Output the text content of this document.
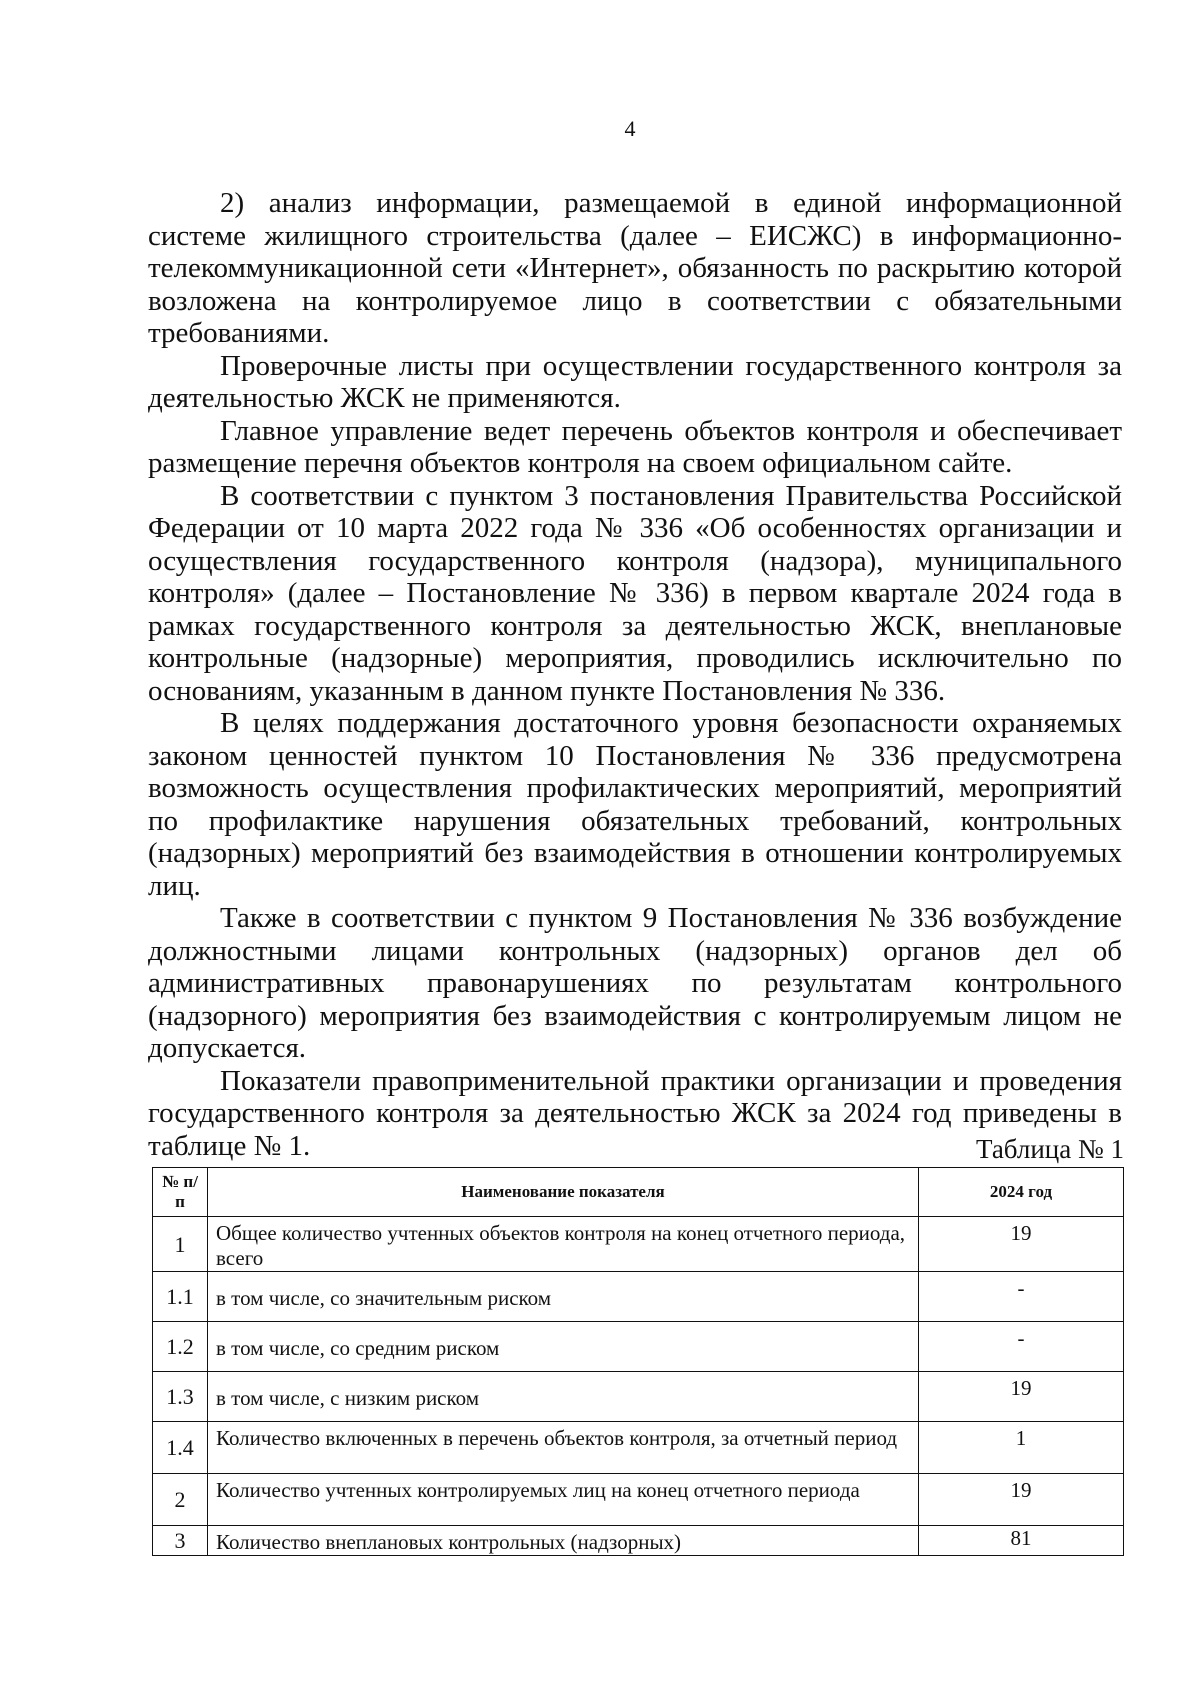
4

2) анализ информации, размещаемой в единой информационной системе жилищного строительства (далее – ЕИСЖС) в информационно-телекоммуникационной сети «Интернет», обязанность по раскрытию которой возложена на контролируемое лицо в соответствии с обязательными требованиями.

Проверочные листы при осуществлении государственного контроля за деятельностью ЖСК не применяются.

Главное управление ведет перечень объектов контроля и обеспечивает размещение перечня объектов контроля на своем официальном сайте.

В соответствии с пунктом 3 постановления Правительства Российской Федерации от 10 марта 2022 года № 336 «Об особенностях организации и осуществления государственного контроля (надзора), муниципального контроля» (далее – Постановление № 336) в первом квартале 2024 года в рамках государственного контроля за деятельностью ЖСК, внеплановые контрольные (надзорные) мероприятия, проводились исключительно по основаниям, указанным в данном пункте Постановления № 336.

В целях поддержания достаточного уровня безопасности охраняемых законом ценностей пунктом 10 Постановления № 336 предусмотрена возможность осуществления профилактических мероприятий, мероприятий по профилактике нарушения обязательных требований, контрольных (надзорных) мероприятий без взаимодействия в отношении контролируемых лиц.

Также в соответствии с пунктом 9 Постановления № 336 возбуждение должностными лицами контрольных (надзорных) органов дел об административных правонарушениях по результатам контрольного (надзорного) мероприятия без взаимодействия с контролируемым лицом не допускается.

Показатели правоприменительной практики организации и проведения государственного контроля за деятельностью ЖСК за 2024 год приведены в таблице № 1.	Таблица № 1
№ п/п	Наименование показателя	2024 год
1	Общее количество учтенных объектов контроля на конец отчетного периода, всего	19
1.1	в том числе, со значительным риском	-
1.2	в том числе, со средним риском	-
1.3	в том числе, с низким риском	19
1.4	Количество включенных в перечень объектов контроля, за отчетный период	1
2	Количество учтенных контролируемых лиц на конец отчетного периода	19
3	Количество внеплановых контрольных (надзорных)	81
